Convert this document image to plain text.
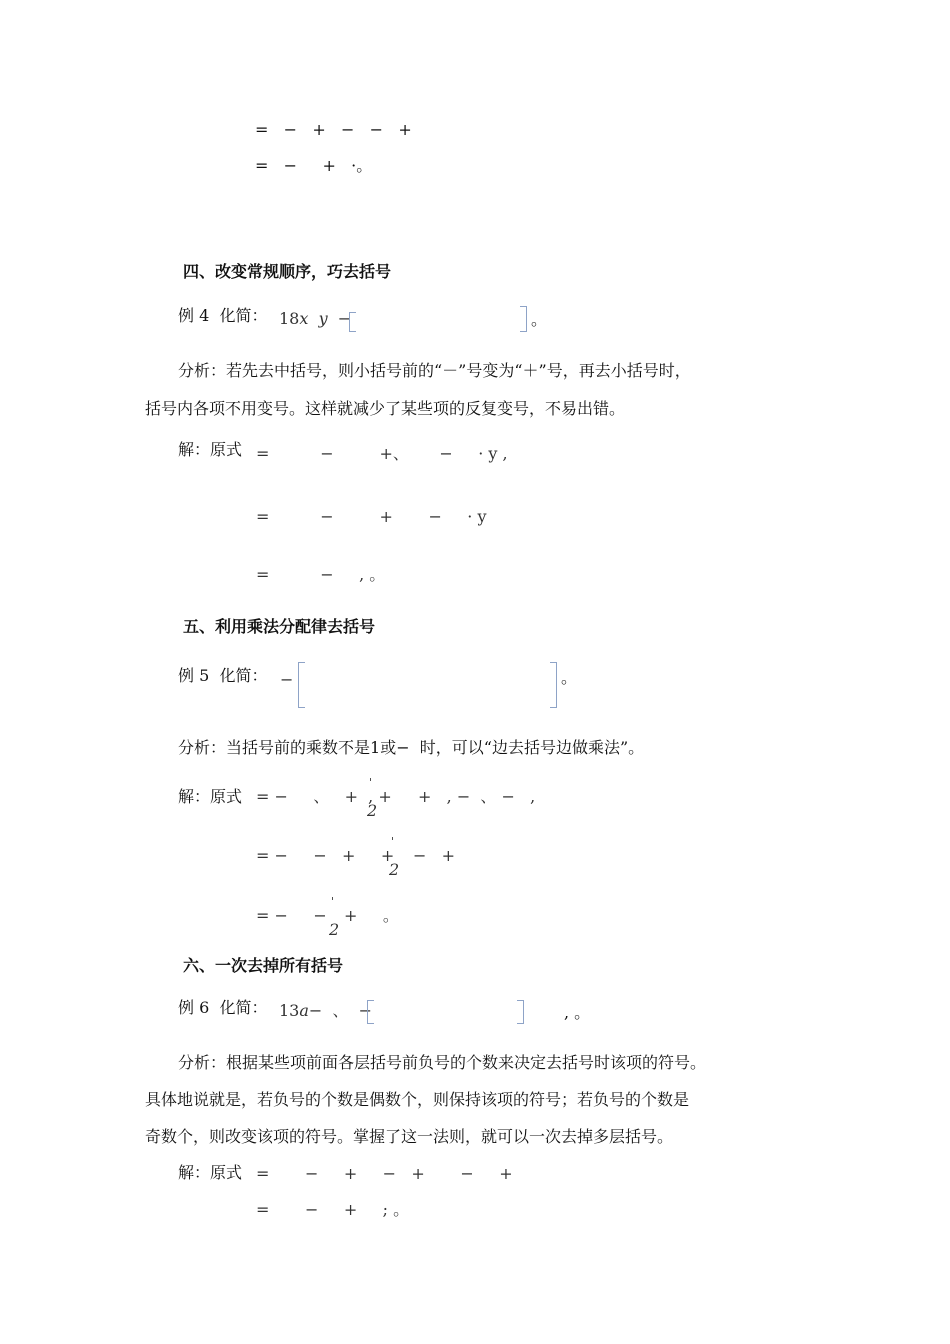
=   −   +   −   −   +
=   −     +   ·。
四、改变常规顺序，巧去括号
例 4  化简： 18x y −	。
分析：若先去中括号，则小括号前的“－”号变为“＋”号，再去小括号时，
括号内各项不用变号。这样就减少了某些项的反复变号，不易出错。
解：原式 =          −         +、      −     · y ,
=          −         +       −     · y
=          −     , 。
五、利用乘法分配律去括号
例 5  化简： −	。
分析：当括号前的乘数不是1或− 时，可以“边去括号边做乘法”。
解：原式 = −     、   +  , +
'
2
+   , −  、 −   ,
= −     −   +     +
'
2
−   +
= −     −
'
2
+     。
六、一次去掉所有括号
例 6  化简： 13a−  、  −	, 。
分析：根据某些项前面各层括号前负号的个数来决定去括号时该项的符号。
具体地说就是，若负号的个数是偶数个，则保持该项的符号；若负号的个数是
奇数个，则改变该项的符号。掌握了这一法则，就可以一次去掉多层括号。
解：原式 =       −     +     −   +       −     +
=       −     +     ; 。
